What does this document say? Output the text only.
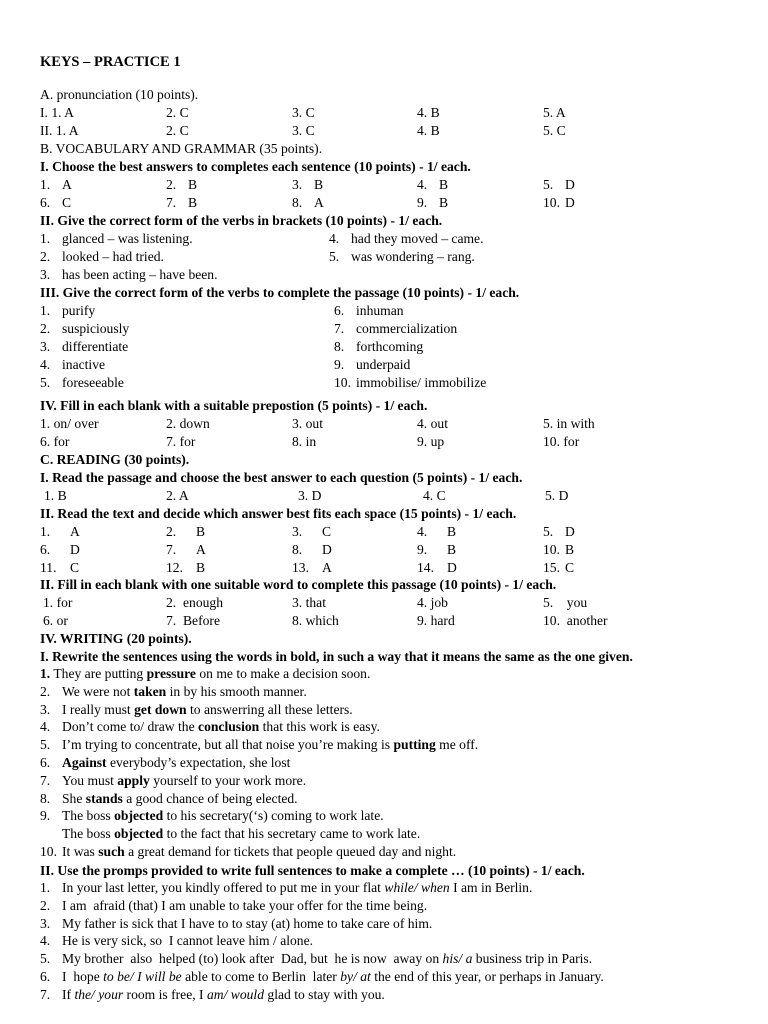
KEYS – PRACTICE 1
A. pronunciation (10 points).
I. 1. A	2. C	3. C	4. B	5. A
II. 1. A	2. C	3. C	4. B	5. C
B. VOCABULARY AND GRAMMAR (35 points).
I. Choose the best answers to completes each sentence (10 points) - 1/ each.
1. A	2. B	3. B	4. B	5. D
6. C	7. B	8. A	9. B	10. D
II. Give the correct form of the verbs in brackets (10 points) - 1/ each.
1. glanced – was listening.	4. had they moved – came.
2. looked – had tried.	5. was wondering – rang.
3. has been acting – have been.
III. Give the correct form of the verbs to complete the passage (10 points) - 1/ each.
1. purify	6. inhuman
2. suspiciously	7. commercialization
3. differentiate	8. forthcoming
4. inactive	9. underpaid
5. foreseeable	10. immobilise/ immobilize
IV. Fill in each blank with a suitable prepostion (5 points) - 1/ each.
1. on/ over	2. down	3. out	4. out	5. in with
6. for	7. for	8. in	9. up	10. for
C. READING (30 points).
I. Read the passage and choose the best answer to each question (5 points) - 1/ each.
1. B	2. A	3. D	4. C	5. D
II. Read the text and decide which answer best fits each space (15 points) - 1/ each.
1. A	2. B	3. C	4. B	5. D
6. D	7. A	8. D	9. B	10. B
11. C	12. B	13. A	14. D	15. C
II. Fill in each blank with one suitable word to complete this passage (10 points) - 1/ each.
1. for	2.  enough	3. that	4. job	5.    you
6. or	7.  Before	8. which	9. hard	10.  another
IV. WRITING (20 points).
I. Rewrite the sentences using the words in bold, in such a way that it means the same as the one given.
1. They are putting pressure on me to make a decision soon.
2. We were not taken in by his smooth manner.
3. I really must get down to answerring all these letters.
4. Don’t come to/ draw the conclusion that this work is easy.
5. I’m trying to concentrate, but all that noise you’re making is putting me off.
6. Against everybody’s expectation, she lost
7. You must apply yourself to your work more.
8. She stands a good chance of being elected.
9. The boss objected to his secretary(‘s) coming to work late.
The boss objected to the fact that his secretary came to work late.
10. It was such a great demand for tickets that people queued day and night.
II. Use the promps provided to write full sentences to make a complete … (10 points) - 1/ each.
1. In your last letter, you kindly offered to put me in your flat while/ when I am in Berlin.
2. I am  afraid (that) I am unable to take your offer for the time being.
3. My father is sick that I have to to stay (at) home to take care of him.
4. He is very sick, so  I cannot leave him / alone.
5. My brother  also  helped (to) look after  Dad, but  he is now  away on his/ a business trip in Paris.
6. I  hope to be/ I will be able to come to Berlin  later by/ at the end of this year, or perhaps in January.
7. If the/ your room is free, I am/ would glad to stay with you.
